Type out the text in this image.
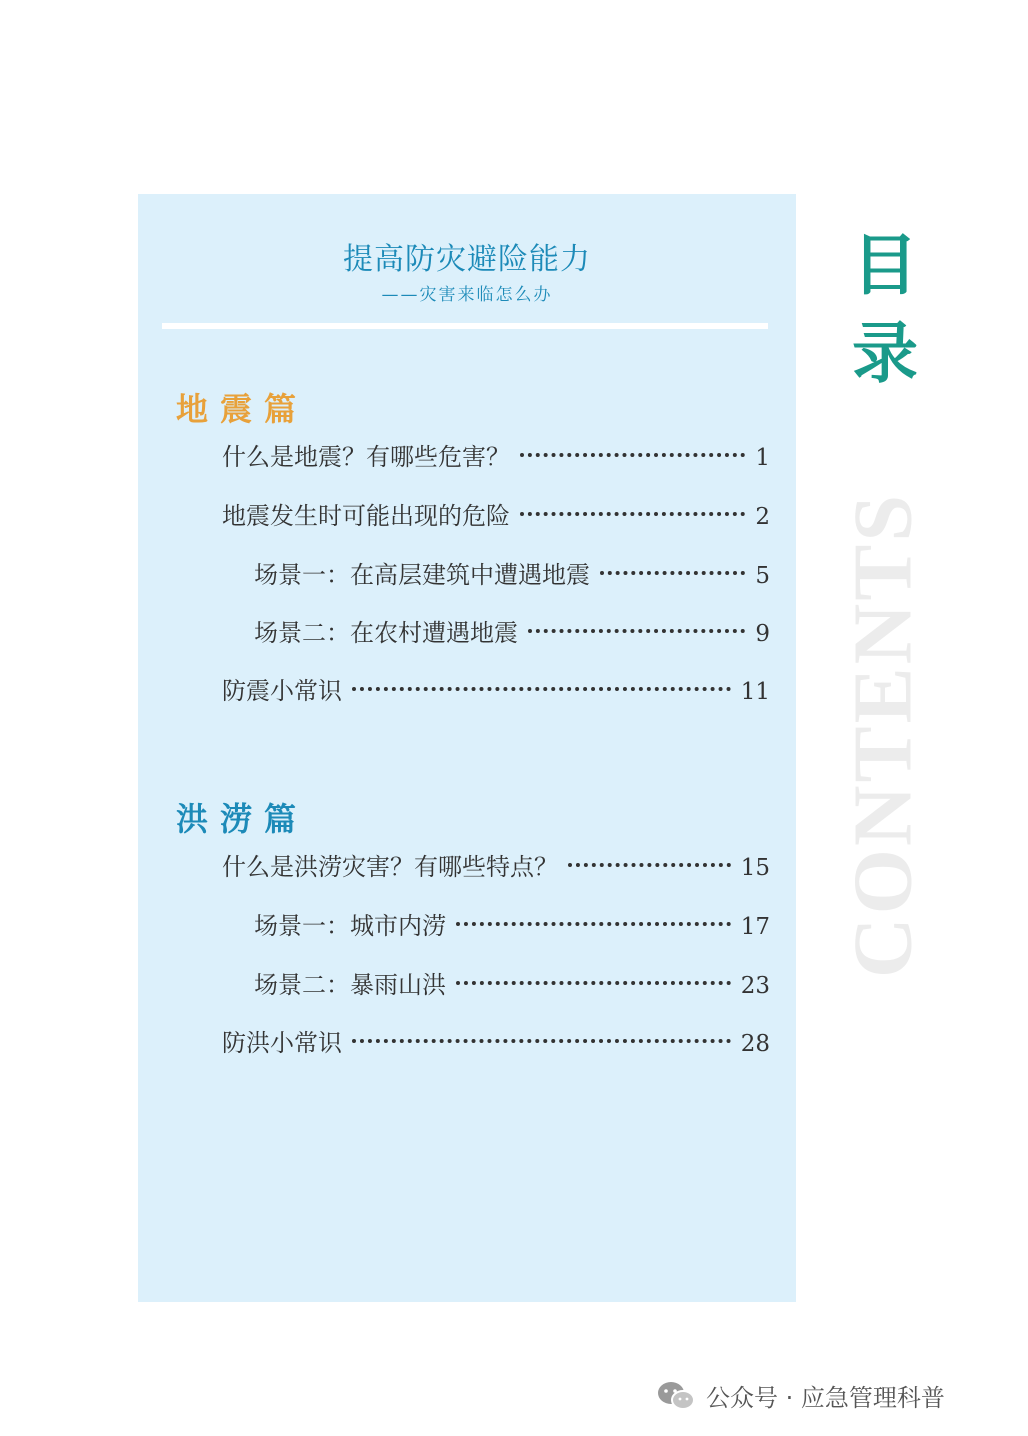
提高防灾避险能力
——灾害来临怎么办
地震篇
什么是地震？有哪些危害？	1
地震发生时可能出现的危险	2
场景一：在高层建筑中遭遇地震	5
场景二：在农村遭遇地震	9
防震小常识	11
洪涝篇
什么是洪涝灾害？有哪些特点？	15
场景一：城市内涝	17
场景二：暴雨山洪	23
防洪小常识	28
目
录
CONTENTS
公众号 · 应急管理科普
